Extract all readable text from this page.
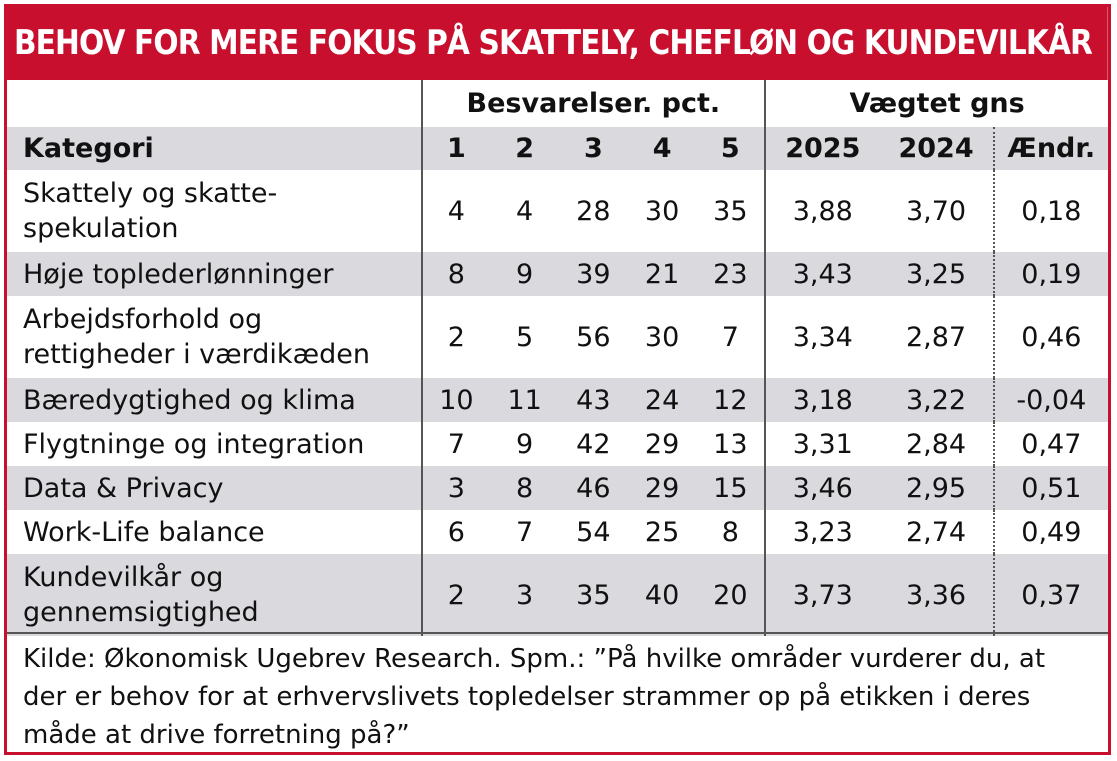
BEHOV FOR MERE FOKUS PÅ SKATTELY, CHEFLØN OG KUNDEVILKÅR
	Besvarelser. pct.					Vægtet gns		
Kategori	1	2	3	4	5	2025	2024	Ændr.
Skattely og skatte-
spekulation	4	4	28	30	35	3,88	3,70	0,18
Høje toplederlønninger	8	9	39	21	23	3,43	3,25	0,19
Arbejdsforhold og
rettigheder i værdikæden	2	5	56	30	7	3,34	2,87	0,46
Bæredygtighed og klima	10	11	43	24	12	3,18	3,22	-0,04
Flygtninge og integration	7	9	42	29	13	3,31	2,84	0,47
Data & Privacy	3	8	46	29	15	3,46	2,95	0,51
Work-Life balance	6	7	54	25	8	3,23	2,74	0,49
Kundevilkår og
gennemsigtighed	2	3	35	40	20	3,73	3,36	0,37
Kilde: Økonomisk Ugebrev Research. Spm.: ”På hvilke områder vurderer du, at der er behov for at erhvervslivets topledelser strammer op på etikken i deres måde at drive forretning på?”
